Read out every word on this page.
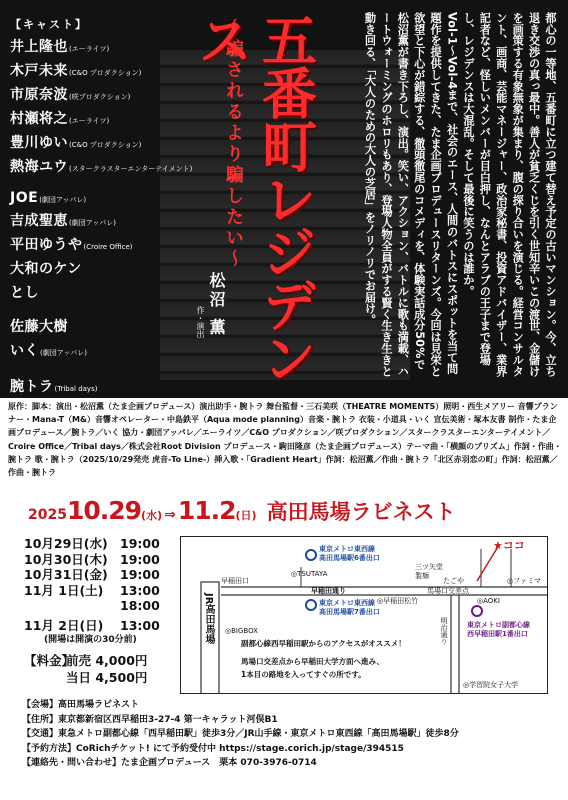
【キャスト】
井上隆也 (エーライツ)
木戸未来 (C&O プロダクション)
市原奈波 (咲プロダクション)
村瀬将之 (エーライツ)
豊川ゆい (C&O プロダクション)
熱海ユウ (スタークラスターエンターテイメント)
JOE (劇団アッパレ)
吉成聖恵 (劇団アッパレ)
平田ゆうや (Croire Office)
大和のケン
とし
佐藤大樹
いく (劇団アッパレ)
腕トラ (Tribal days)
〜騙されるより騙したい〜 五番町レジデンス
作・演出 松沼 薫	都心の一等地、五番町に立つ建て替え予定の古いマンション。今、立ち退き交渉の真っ最中。善人が貧乏くじを引く世知辛いこの渡世、金儲けを画策する有象無象が集まり、腹の探り合いを演じる。経営コンサルタント、画商、芸能マネージャー、政治家秘書、投資アドバイザー、業界記者など、怪しいメンバーが目白押し、なんとアラブの王子まで登場し、レジデンスは大混乱。そして最後に笑うのは誰か。
Vol-1〜Vol-4まで、社会のエース、人間のバトスにスポットを当て問題作を提供してきた、たま企画プロデュースリターンズ。今回は見栄と欲望と下心が錯綜する、徹頭徹尾のコメディを、体験実話成分50%で松沼薫が書き下ろし、演出。笑い、アクション、バトルに歌も満載、ハートウォーミングのホロリもあり、登場人物全員がする賢く生き生きと動き回る、「大人のための大人の芝居」をノリノリでお届け。
原作：脚本：演出・松沼薫（たま企画プロデュース）演出助手・腕トラ 舞台監督・三石美咲（THEATRE MOMENTS）照明・西生メアリー 音響プランナー・Mana-T（M&）音響オペレーター・中島鉄平（Aqua mode planning）音楽・腕トラ 衣装・小道具・いく 宣伝美術・塚本友書 制作・たま企画プロデュース／腕トラ／いく 協力・劇団アッパレ／エーライツ／C&O プロダクション／咲プロダクション／スタークラスターエンターテイメント／Croire Office／Tribal days／株式会社Root Division プロデュース・駒田隆彦（たま企画プロデュース）テーマ曲・「横顔のプリズム」作詞・作曲・腕トラ 歌・腕トラ（2025/10/29発売 虎音-To Line-）挿入歌・「Gradient Heart」作詞：松沼薫／作曲・腕トラ「北区赤羽恋の町」作詞：松沼薫／作曲・腕トラ
2025 10.29 (水) ⇒ 11.2 (日) 高田馬場ラビネスト
10月29日(水) 19:00
10月30日(木) 19:00
10月31日(金) 19:00
11月 1日(土)	13:00
18:00
11月 2日(日)	13:00
(開場は開演の30分前)
【料金】
前売 4,000円
当日 4,500円
東京メトロ東西線
高田馬場駅6番出口
◎TSUTAYA
三ツ矢堂
製麺
たごや
★ココ
◎ファミマ
早稲田口
早稲田通り	馬場口交差点
◎AOKI
◎早稲田松竹
東京メトロ東西線
高田馬場駅7番出口
JR高田馬場 ◎BIGBOX	明治通り	東京メトロ副都心線
西早稲田駅1番出口
◎学習院女子大学
副都心線西早稲田駅からのアクセスがオススメ！
馬場口交差点から早稲田大学方面へ進み、
1本目の路地を入ってすぐの所です。
【会場】高田馬場ラビネスト
【住所】東京都新宿区西早稲田3-27-4 第一キャラット河俣B1
【交通】東急メトロ副都心線「西早稲田駅」徒歩3分／JR山手線・東京メトロ東西線「高田馬場駅」徒歩8分
【予約方法】CoRichチケット! にて予約受付中 https://stage.corich.jp/stage/394515
【連絡先・問い合わせ】たま企画プロデュース　栗本 070-3976-0714
